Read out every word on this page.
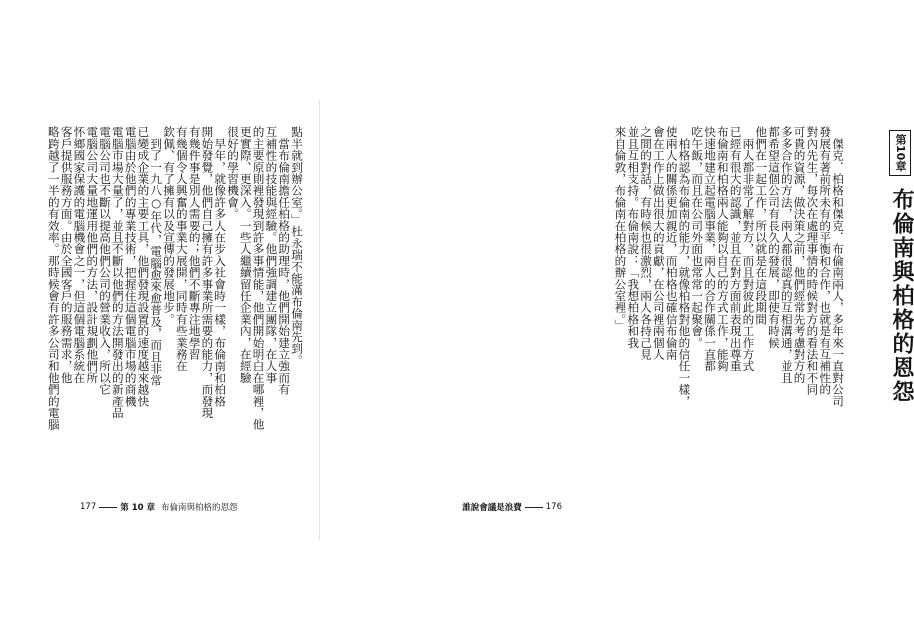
點半就到辦公室。」杜永瑞不能滿布倫南先到。
　當布倫南擔任柏格的助理時，他們開始建立強而有
互補性的技能與經驗。他們強調建立團隊，在人事
的主要原則裡發現到許多事情能，他們開始明白在哪裡，他
更實際、更深入。一些人繼續留任企業內，在經驗
很好的學習機會。
　早年，就像許多人在步入社會時一樣，布倫南和柏格
開始發覺，他們自己擁有許多事業所需要的能力，而發現
有幾件事是別人需要的；他們不斷專注地學習
有幾個令人興奮的事業大展開，同時有些業務在
欽佩、有了擁有以及宣傳的發展地步。
　到了一九八○年代，電腦愈來愈普及，而且非常
已變成企業的主要工具，他們發現設置的速度越來越快
電腦由於他們的專業技術，把握住這個電腦市場的商機
電腦市場大量了，並且不斷以他們的方法開發出的新產品
電腦公司也不斷以提高他們公司的營業收入，所以它
電腦公司大量地運用他們的方法，設計規劃他們所
怀鄉國家保護的電腦機會之一，但這個電腦系統在
客戶提供服務方面。由於全國客戶的服務需求，他
略跨越了一半的有效率。那時候會有許多公司和他們的電腦
177	第 10 章 布倫南與柏格的恩怨
　傑克．柏格和傑克．布倫南兩人，多年來一直對公司
發展有著前所未有的平衡和合作，也就是有互補性的
對內先生，每次在處理事情的時候對方的看法和不同
可貴的資源，做決策之前，他們經常先考慮對方的
多多合作的方法，兩人都很認真的互相溝通，並且
都希望這個公司有長久的發展，即使有時候
他們在一起工作，所以就是在這段期間
　兩人都非常了解對方，而且對彼此的工作方式
已經有很大的認識，並且在對方面前表現出尊重
布倫南和柏格兩人能夠以自己的方式工作，能夠
快速地建立起電腦事業，兩人的合作關係一直都
吃午飯，而且在公司外面也常常一起聚會。
　柏格認為布倫南的能力，就像柏格對他的信任一樣，
使兩人的關係更加親近，而柏格也確信布倫南
會在工作上做出很大的貢獻，在公司裡兩個人
之間的對話，有時候也很激烈，兩人各持己見
並且互相支持。布倫南說：「我想柏格和我
來自倫敦，布倫南在柏格的辦公室裡。」	第10章
布倫南與柏格的恩怨
誰說會議是浪費	176
